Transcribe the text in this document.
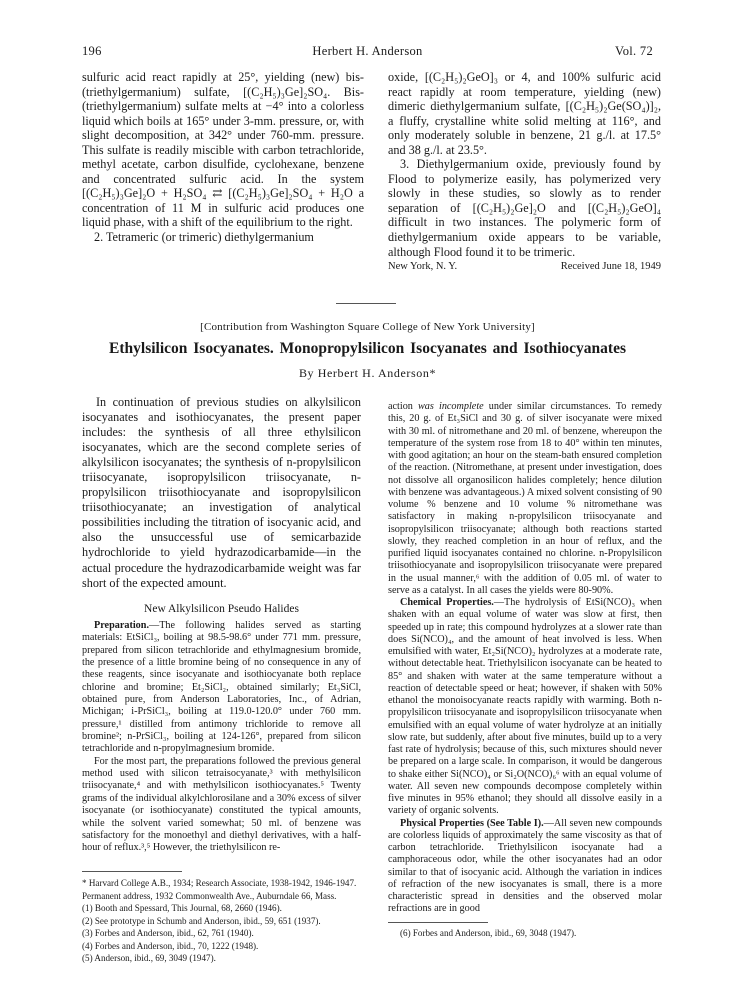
196	Herbert H. Anderson	Vol. 72

sulfuric acid react rapidly at 25°, yielding (new) bis-(triethylgermanium) sulfate, [(C₂H₅)₃Ge]₂SO₄. Bis-(triethylgermanium) sulfate melts at −4° into a colorless liquid which boils at 165° under 3-mm. pressure, or, with slight decomposition, at 342° under 760-mm. pressure. This sulfate is readily miscible with carbon tetrachloride, methyl acetate, carbon disulfide, cyclohexane, benzene and concentrated sulfuric acid. In the system [(C₂H₅)₃Ge]₂O + H₂SO₄ ⇄ [(C₂H₅)₃Ge]₂SO₄ + H₂O a concentration of 11 M in sulfuric acid produces one liquid phase, with a shift of the equilibrium to the right.

2. Tetrameric (or trimeric) diethylgermanium

oxide, [(C₂H₅)₂GeO]₃ or 4, and 100% sulfuric acid react rapidly at room temperature, yielding (new) dimeric diethylgermanium sulfate, [(C₂H₅)₂Ge(SO₄)]₂, a fluffy, crystalline white solid melting at 116°, and only moderately soluble in benzene, 21 g./l. at 17.5° and 38 g./l. at 23.5°.

3. Diethylgermanium oxide, previously found by Flood to polymerize easily, has polymerized very slowly in these studies, so slowly as to render separation of [(C₂H₅)₂Ge]₂O and [(C₂H₅)₂GeO]₄ difficult in two instances. The polymeric form of diethylgermanium oxide appears to be variable, although Flood found it to be trimeric.

New York, N. Y.	Received June 18, 1949
[Contribution from Washington Square College of New York University]
Ethylsilicon Isocyanates. Monopropylsilicon Isocyanates and Isothiocyanates
By Herbert H. Anderson*
In continuation of previous studies on alkylsilicon isocyanates and isothiocyanates, the present paper includes: the synthesis of all three ethylsilicon isocyanates, which are the second complete series of alkylsilicon isocyanates; the synthesis of n-propylsilicon triisocyanate, isopropylsilicon triisocyanate, n-propylsilicon triisothiocyanate and isopropylsilicon triisothiocyanate; an investigation of analytical possibilities including the titration of isocyanic acid, and also the unsuccessful use of semicarbazide hydrochloride to yield hydrazodicarbamide—in the actual procedure the hydrazodicarbamide weight was far short of the expected amount.
New Alkylsilicon Pseudo Halides

Preparation.—The following halides served as starting materials: EtSiCl₃, boiling at 98.5-98.6° under 771 mm. pressure, prepared from silicon tetrachloride and ethylmagnesium bromide, the presence of a little bromine being of no consequence in any of these reagents, since isocyanate and isothiocyanate both replace chlorine and bromine; Et₂SiCl₂, obtained similarly; Et₃SiCl, obtained pure, from Anderson Laboratories, Inc., of Adrian, Michigan; i-PrSiCl₃, boiling at 119.0-120.0° under 760 mm. pressure,¹ distilled from antimony trichloride to remove all bromine²; n-PrSiCl₃, boiling at 124-126°, prepared from silicon tetrachloride and n-propylmagnesium bromide.

For the most part, the preparations followed the previous general method used with silicon tetraisocyanate,³ with methylsilicon triisocyanate,⁴ and with methylsilicon isothiocyanates.⁵ Twenty grams of the individual alkylchlorosilane and a 30% excess of silver isocyanate (or isothiocyanate) constituted the typical amounts, while the solvent varied somewhat; 50 ml. of benzene was satisfactory for the monoethyl and diethyl derivatives, with a half-hour of reflux.³,⁵ However, the triethylsilicon re-

* Harvard College A.B., 1934; Research Associate, 1938-1942, 1946-1947. Permanent address, 1932 Commonwealth Ave., Auburndale 66, Mass.

(1) Booth and Spessard, This Journal, 68, 2660 (1946).

(2) See prototype in Schumb and Anderson, ibid., 59, 651 (1937).

(3) Forbes and Anderson, ibid., 62, 761 (1940).

(4) Forbes and Anderson, ibid., 70, 1222 (1948).

(5) Anderson, ibid., 69, 3049 (1947).

action was incomplete under similar circumstances. To remedy this, 20 g. of Et₃SiCl and 30 g. of silver isocyanate were mixed with 30 ml. of nitromethane and 20 ml. of benzene, whereupon the temperature of the system rose from 18 to 40° within ten minutes, with good agitation; an hour on the steam-bath ensured completion of the reaction. (Nitromethane, at present under investigation, does not dissolve all organosilicon halides completely; hence dilution with benzene was advantageous.) A mixed solvent consisting of 90 volume % benzene and 10 volume % nitromethane was satisfactory in making n-propylsilicon triisocyanate and isopropylsilicon triisocyanate; although both reactions started slowly, they reached completion in an hour of reflux, and the purified liquid isocyanates contained no chlorine. n-Propylsilicon triisothiocyanate and isopropylsilicon triisocyanate were prepared in the usual manner,⁶ with the addition of 0.05 ml. of water to serve as a catalyst. In all cases the yields were 80-90%.

Chemical Properties.—The hydrolysis of EtSi(NCO)₃ when shaken with an equal volume of water was slow at first, then speeded up in rate; this compound hydrolyzes at a slower rate than does Si(NCO)₄, and the amount of heat involved is less. When emulsified with water, Et₂Si(NCO)₂ hydrolyzes at a moderate rate, without detectable heat. Triethylsilicon isocyanate can be heated to 85° and shaken with water at the same temperature without a reaction of detectable speed or heat; however, if shaken with 50% ethanol the monoisocyanate reacts rapidly with warming. Both n-propylsilicon triisocyanate and isopropylsilicon triisocyanate when emulsified with an equal volume of water hydrolyze at an initially slow rate, but suddenly, after about five minutes, build up to a very fast rate of hydrolysis; because of this, such mixtures should never be prepared on a large scale. In comparison, it would be dangerous to shake either Si(NCO)₄ or Si₂O(NCO)₆⁶ with an equal volume of water. All seven new compounds decompose completely within five minutes in 95% ethanol; they should all dissolve easily in a variety of organic solvents.

Physical Properties (See Table I).—All seven new compounds are colorless liquids of approximately the same viscosity as that of carbon tetrachloride. Triethylsilicon isocyanate had a camphoraceous odor, while the other isocyanates had an odor similar to that of isocyanic acid. Although the variation in indices of refraction of the new isocyanates is small, there is a more characteristic spread in densities and the observed molar refractions are in good

(6) Forbes and Anderson, ibid., 69, 3048 (1947).
